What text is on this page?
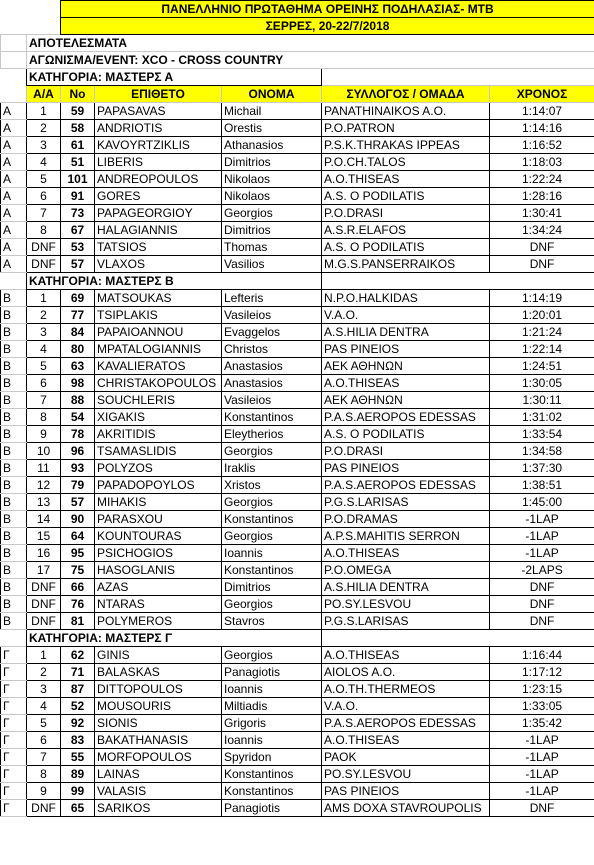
		ΠΑΝΕΛΛΗΝΙΟ ΠΡΩΤΑΘΗΜΑ ΟΡΕΙΝΗΣ ΠΟΔΗΛΑΣΙΑΣ- ΜΤΒ				
		ΣΕΡΡΕΣ, 20-22/7/2018				
	ΑΠΟΤΕΛΕΣΜΑΤΑ					
	ΑΓΩΝΙΣΜΑ/EVENT: XCO - CROSS COUNTRY					
	ΚΑΤΗΓΟΡΙΑ: ΜΑΣΤΕΡΣ Α					
	Α/Α	Νο	ΕΠΙΘΕΤΟ	ΟΝΟΜΑ	ΣΥΛΛΟΓΟΣ / ΟΜΑΔΑ	ΧΡΟΝΟΣ
Α	1	59	PAPASAVAS	Michail	PANATHINAIKOS A.O.	1:14:07
Α	2	58	ANDRIOTIS	Orestis	P.O.PATRON	1:14:16
Α	3	61	KAVOYRTZIKLIS	Athanasios	P.S.K.THRAKAS IPPEAS	1:16:52
Α	4	51	LIBERIS	Dimitrios	P.O.CH.TALOS	1:18:03
Α	5	101	ANDREOPOULOS	Nikolaos	A.O.THISEAS	1:22:24
Α	6	91	GORES	Nikolaos	A.S. O PODILATIS	1:28:16
Α	7	73	PAPAGEORGIOY	Georgios	P.O.DRASI	1:30:41
Α	8	67	HALAGIANNIS	Dimitrios	A.S.R.ELAFOS	1:34:24
Α	DNF	53	TATSIOS	Thomas	A.S. O PODILATIS	DNF
Α	DNF	57	VLAXOS	Vasilios	M.G.S.PANSERRAIKOS	DNF
	ΚΑΤΗΓΟΡΙΑ: ΜΑΣΤΕΡΣ Β					
Β	1	69	MATSOUKAS	Lefteris	N.P.O.HALKIDAS	1:14:19
Β	2	77	TSIPLAKIS	Vasileios	V.A.O.	1:20:01
Β	3	84	PAPAIOANNOU	Evaggelos	A.S.HILIA DENTRA	1:21:24
Β	4	80	MPATALOGIANNIS	Christos	PAS PINEIOS	1:22:14
Β	5	63	KAVALIERATOS	Anastasios	ΑΕΚ ΑΘΗΝΩΝ	1:24:51
Β	6	98	CHRISTAKOPOULOS	Anastasios	A.O.THISEAS	1:30:05
Β	7	88	SOUCHLERIS	Vasileios	ΑΕΚ ΑΘΗΝΩΝ	1:30:11
Β	8	54	XIGAKIS	Konstantinos	P.A.S.AEROPOS EDESSAS	1:31:02
Β	9	78	AKRITIDIS	Eleytherios	A.S. O PODILATIS	1:33:54
Β	10	96	TSAMASLIDIS	Georgios	P.O.DRASI	1:34:58
Β	11	93	POLYZOS	Iraklis	PAS PINEIOS	1:37:30
Β	12	79	PAPADOPOYLOS	Xristos	P.A.S.AEROPOS EDESSAS	1:38:51
Β	13	57	MIHAKIS	Georgios	P.G.S.LARISAS	1:45:00
Β	14	90	PARASXOU	Konstantinos	P.O.DRAMAS	-1LAP
Β	15	64	KOUNTOURAS	Georgios	A.P.S.MAHITIS SERRON	-1LAP
Β	16	95	PSICHOGIOS	Ioannis	A.O.THISEAS	-1LAP
Β	17	75	HASOGLANIS	Konstantinos	P.O.OMEGA	-2LAPS
Β	DNF	66	AZAS	Dimitrios	A.S.HILIA DENTRA	DNF
Β	DNF	76	NTARAS	Georgios	PO.SY.LESVOU	DNF
Β	DNF	81	POLYMEROS	Stavros	P.G.S.LARISAS	DNF
	ΚΑΤΗΓΟΡΙΑ: ΜΑΣΤΕΡΣ Γ					
Γ	1	62	GINIS	Georgios	A.O.THISEAS	1:16:44
Γ	2	71	BALASKAS	Panagiotis	AIOLOS A.O.	1:17:12
Γ	3	87	DITTOPOULOS	Ioannis	A.O.TH.THERMEOS	1:23:15
Γ	4	52	MOUSOURIS	Miltiadis	V.A.O.	1:33:05
Γ	5	92	SIONIS	Grigoris	P.A.S.AEROPOS EDESSAS	1:35:42
Γ	6	83	BAKATHANASIS	Ioannis	A.O.THISEAS	-1LAP
Γ	7	55	MORFOPOULOS	Spyridon	PAOK	-1LAP
Γ	8	89	LAINAS	Konstantinos	PO.SY.LESVOU	-1LAP
Γ	9	99	VALASIS	Konstantinos	PAS PINEIOS	-1LAP
Γ	DNF	65	SARIKOS	Panagiotis	AMS DOXA STAVROUPOLIS	DNF
